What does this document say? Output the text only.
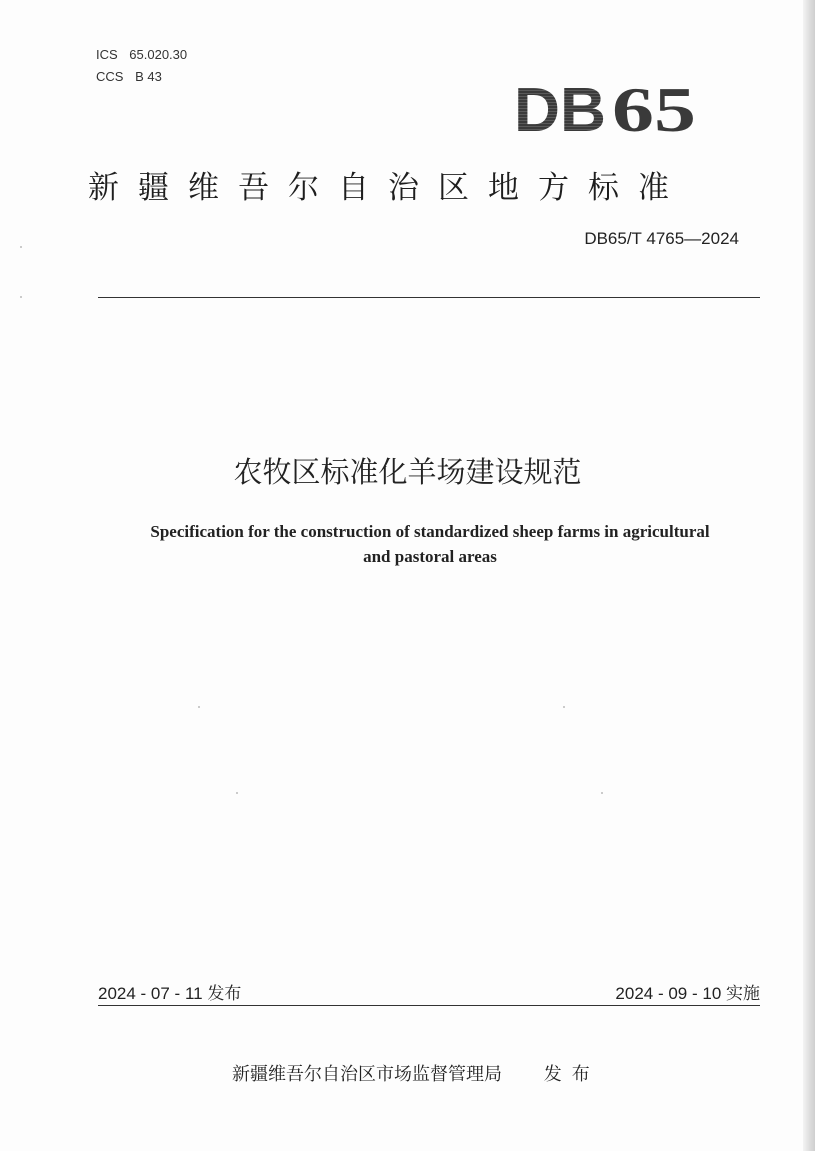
ICS 65.020.30
CCS B 43	DB 65
新疆维吾尔自治区地方标准
DB65/T 4765—2024
农牧区标准化羊场建设规范
Specification for the construction of standardized sheep farms in agricultural
and pastoral areas
2024 - 07 - 11 发布	2024 - 09 - 10 实施
新疆维吾尔自治区市场监督管理局 发布
